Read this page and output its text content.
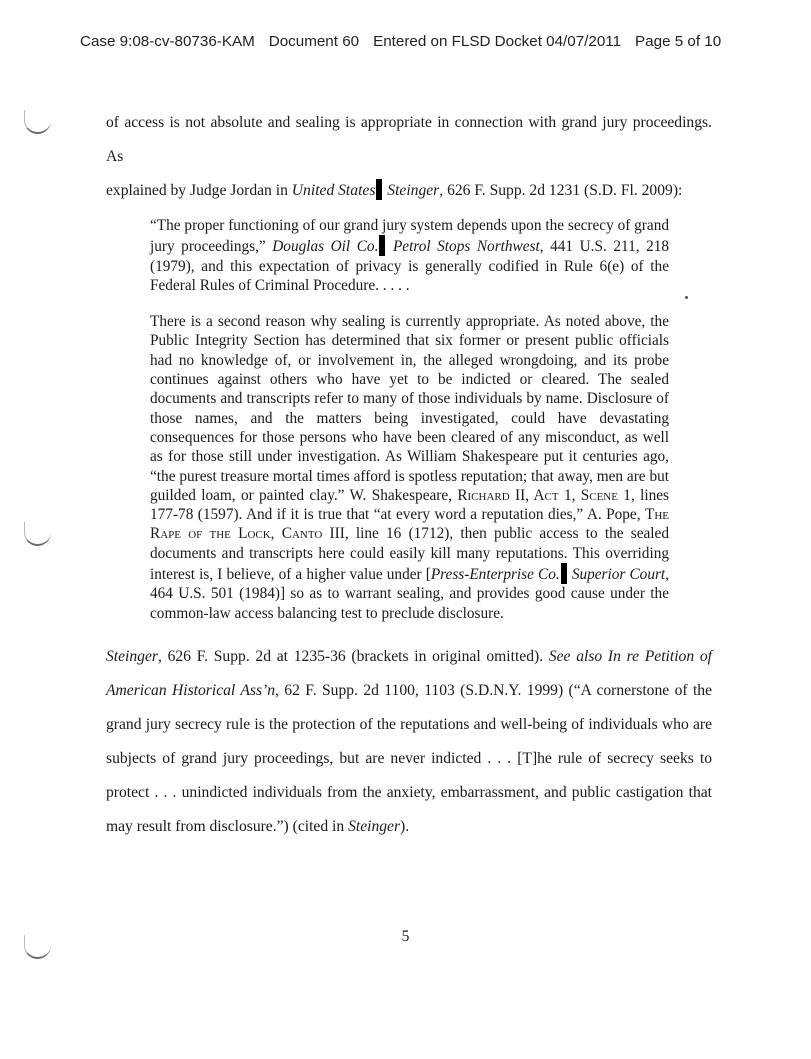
Case 9:08-cv-80736-KAM Document 60 Entered on FLSD Docket 04/07/2011 Page 5 of 10

of access is not absolute and sealing is appropriate in connection with grand jury proceedings. As
explained by Judge Jordan in United States Steinger, 626 F. Supp. 2d 1231 (S.D. Fl. 2009):

“The proper functioning of our grand jury system depends upon the secrecy of grand jury proceedings,” Douglas Oil Co. Petrol Stops Northwest, 441 U.S. 211, 218 (1979), and this expectation of privacy is generally codified in Rule 6(e) of the Federal Rules of Criminal Procedure. . . . .

There is a second reason why sealing is currently appropriate. As noted above, the Public Integrity Section has determined that six former or present public officials had no knowledge of, or involvement in, the alleged wrongdoing, and its probe continues against others who have yet to be indicted or cleared. The sealed documents and transcripts refer to many of those individuals by name. Disclosure of those names, and the matters being investigated, could have devastating consequences for those persons who have been cleared of any misconduct, as well as for those still under investigation. As William Shakespeare put it centuries ago, “the purest treasure mortal times afford is spotless reputation; that away, men are but guilded loam, or painted clay.” W. Shakespeare, Richard II, Act 1, Scene 1, lines 177-78 (1597). And if it is true that “at every word a reputation dies,” A. Pope, The Rape of the Lock, Canto III, line 16 (1712), then public access to the sealed documents and transcripts here could easily kill many reputations. This overriding interest is, I believe, of a higher value under [Press-Enterprise Co. Superior Court, 464 U.S. 501 (1984)] so as to warrant sealing, and provides good cause under the common-law access balancing test to preclude disclosure.

Steinger, 626 F. Supp. 2d at 1235-36 (brackets in original omitted). See also In re Petition of American Historical Ass’n, 62 F. Supp. 2d 1100, 1103 (S.D.N.Y. 1999) (“A cornerstone of the grand jury secrecy rule is the protection of the reputations and well-being of individuals who are subjects of grand jury proceedings, but are never indicted . . . [T]he rule of secrecy seeks to protect . . . unindicted individuals from the anxiety, embarrassment, and public castigation that may result from disclosure.”) (cited in Steinger).

5
